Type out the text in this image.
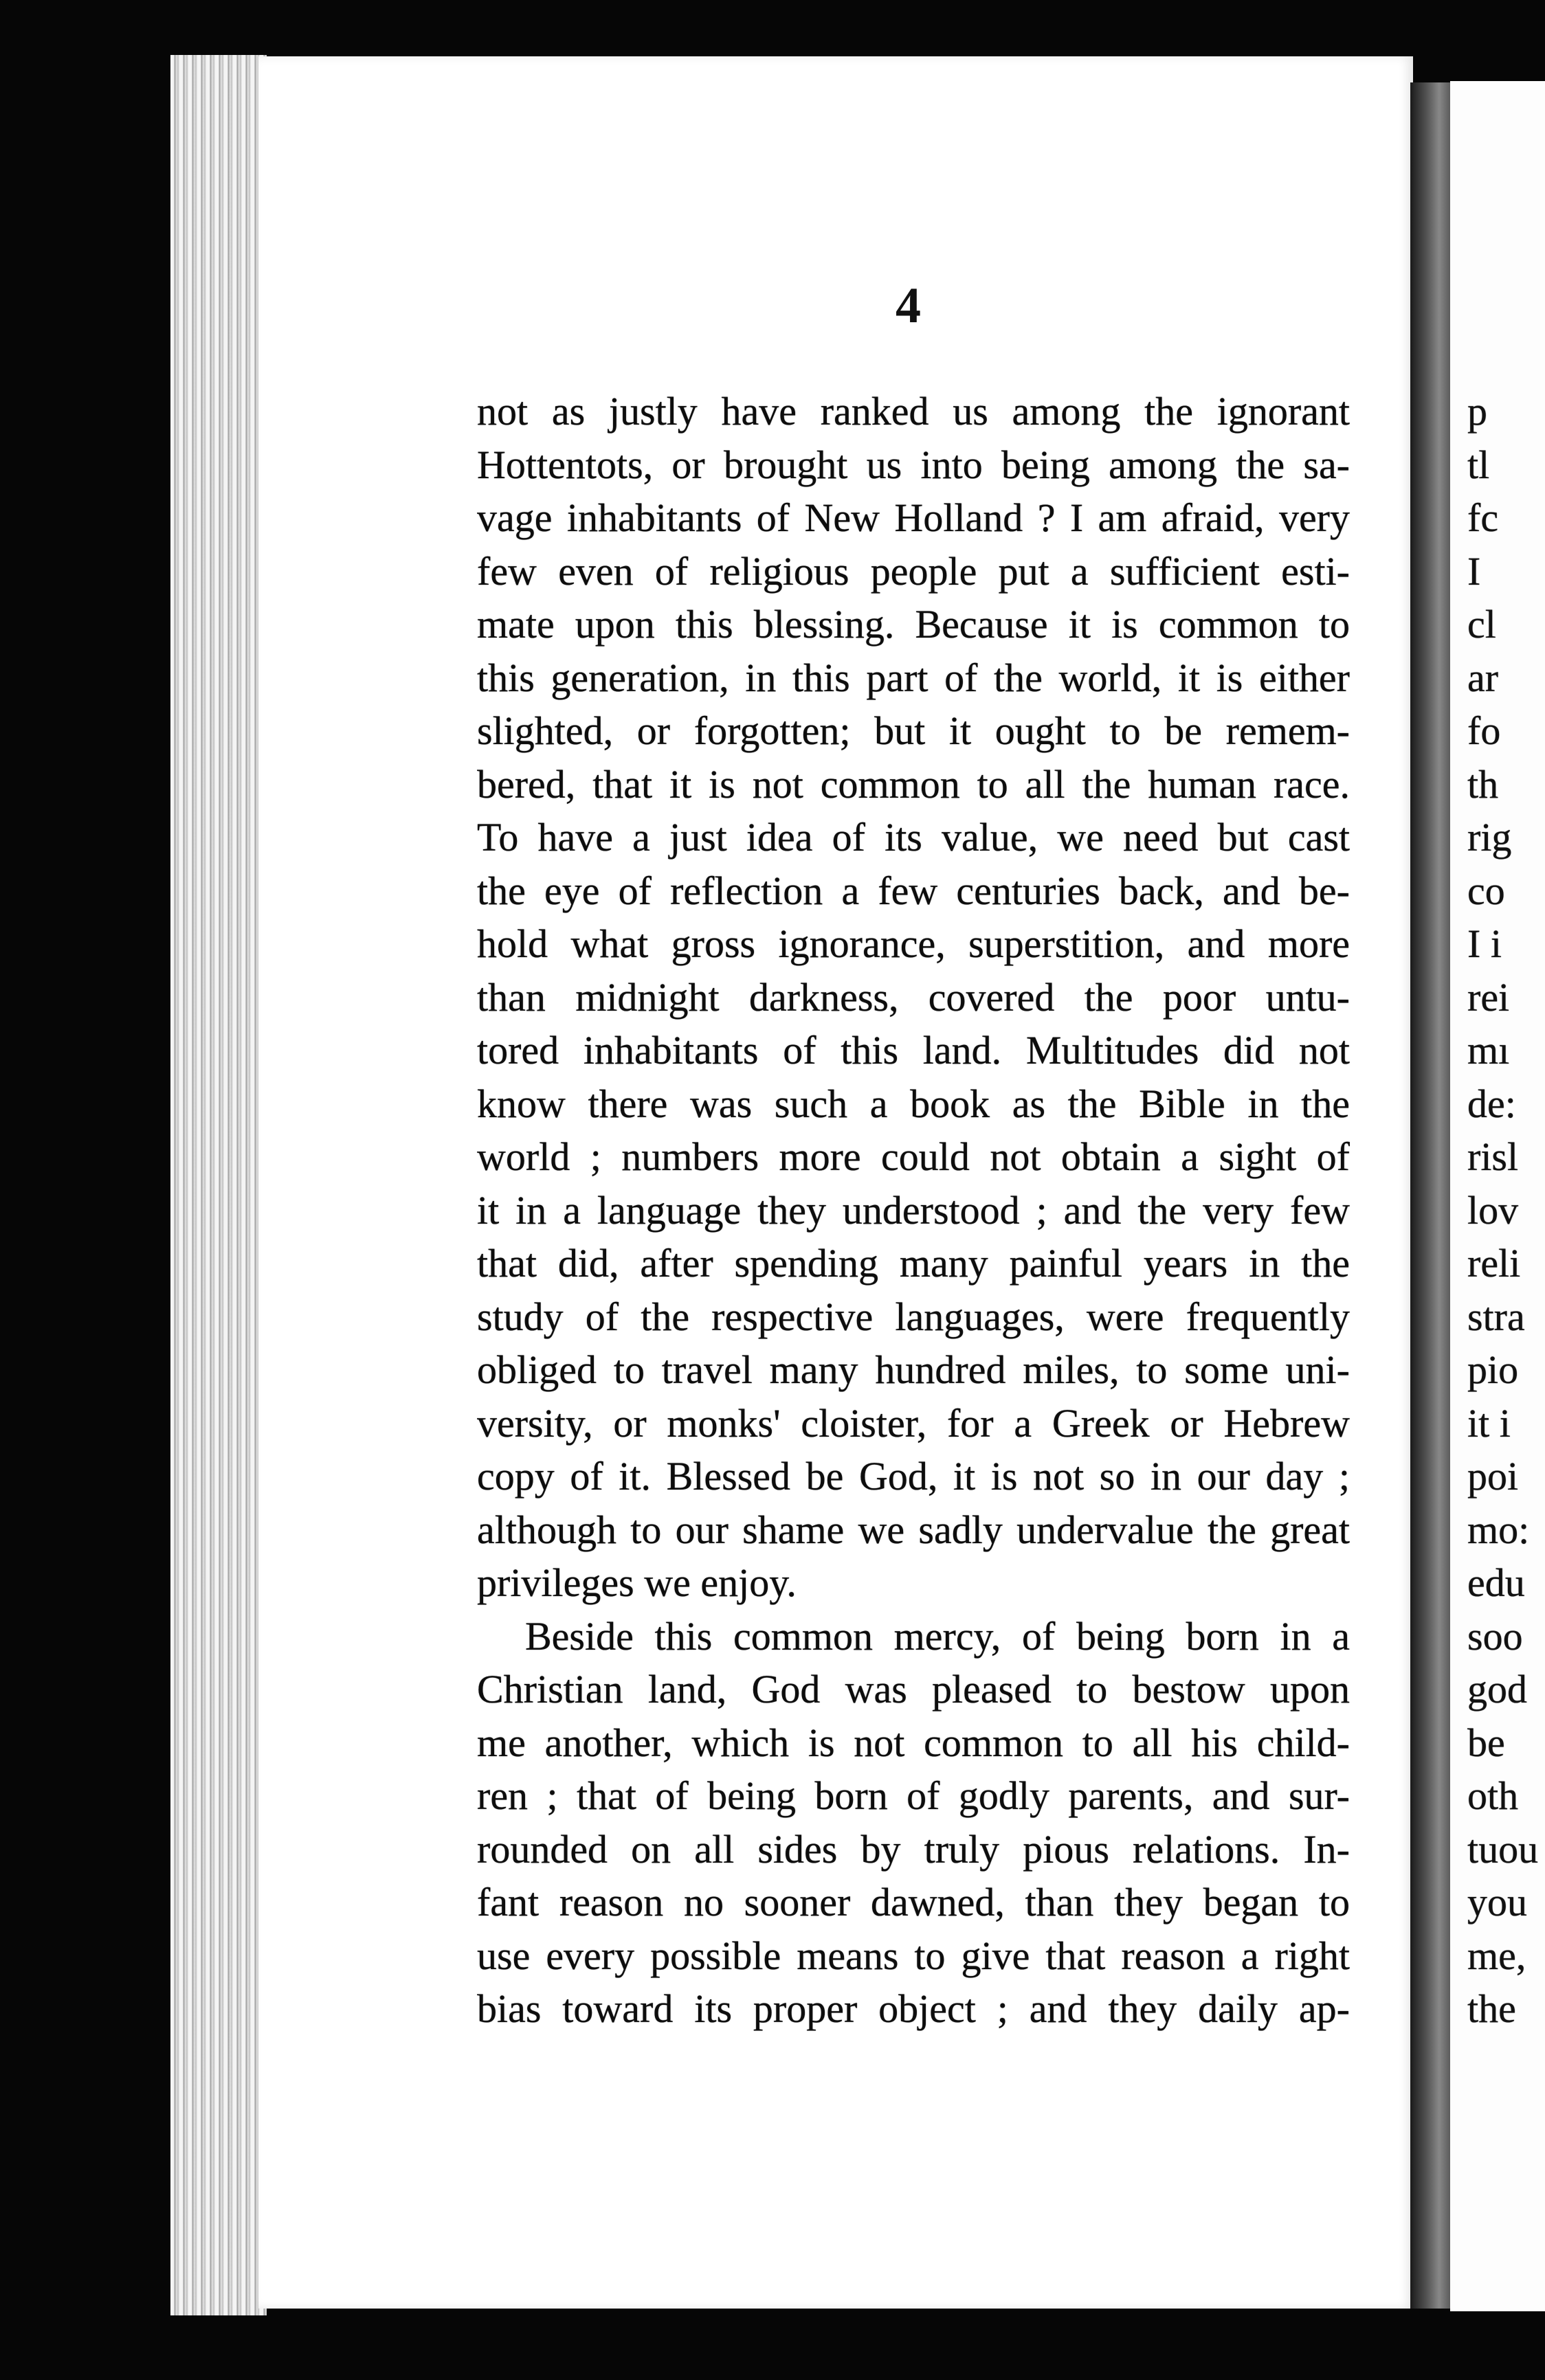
4
not as justly have ranked us among the ignorant
Hottentots, or brought us into being among the sa-
vage inhabitants of New Holland ? I am afraid, very
few even of religious people put a sufficient esti-
mate upon this blessing. Because it is common to
this generation, in this part of the world, it is either
slighted, or forgotten; but it ought to be remem-
bered, that it is not common to all the human race.
To have a just idea of its value, we need but cast
the eye of reflection a few centuries back, and be-
hold what gross ignorance, superstition, and more
than midnight darkness, covered the poor untu-
tored inhabitants of this land. Multitudes did not
know there was such a book as the Bible in the
world ; numbers more could not obtain a sight of
it in a language they understood ; and the very few
that did, after spending many painful years in the
study of the respective languages, were frequently
obliged to travel many hundred miles, to some uni-
versity, or monks' cloister, for a Greek or Hebrew
copy of it. Blessed be God, it is not so in our day ;
although to our shame we sadly undervalue the great
privileges we enjoy.
Beside this common mercy, of being born in a
Christian land, God was pleased to bestow upon
me another, which is not common to all his child-
ren ; that of being born of godly parents, and sur-
rounded on all sides by truly pious relations. In-
fant reason no sooner dawned, than they began to
use every possible means to give that reason a right
bias toward its proper object ; and they daily ap-
p
tl
fc
I
cl
ar
fo
th
rig
co
I i
rei
mı
de:
risl
lov
reli
stra
pio
it i
poi
mo:
edu
soo
god
be
oth
tuou
you
me,
the
